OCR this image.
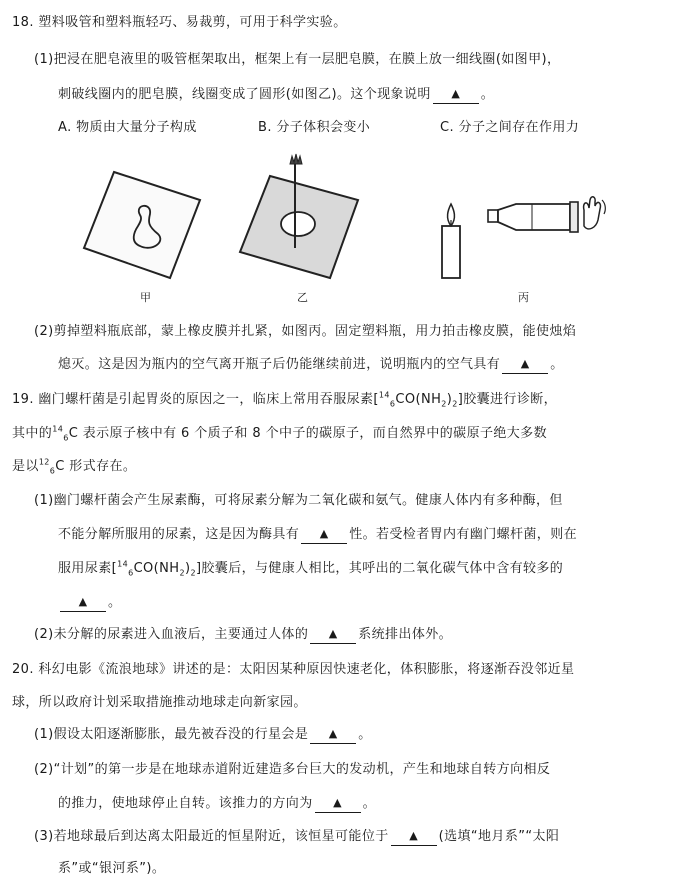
18. 塑料吸管和塑料瓶轻巧、易裁剪，可用于科学实验。
(1)把浸在肥皂液里的吸管框架取出，框架上有一层肥皂膜，在膜上放一细线圈(如图甲)，
刺破线圈内的肥皂膜，线圈变成了圆形(如图乙)。这个现象说明 ▲ 。
A. 物质由大量分子构成	B. 分子体积会变小	C. 分子之间存在作用力
甲	乙	丙
(2)剪掉塑料瓶底部，蒙上橡皮膜并扎紧，如图丙。固定塑料瓶，用力拍击橡皮膜，能使烛焰
熄灭。这是因为瓶内的空气离开瓶子后仍能继续前进，说明瓶内的空气具有 ▲ 。
19. 幽门螺杆菌是引起胃炎的原因之一，临床上常用吞服尿素$[^{14}_6CO(NH_2)_2]$胶囊进行诊断，
其中的$^{14}_6$C 表示原子核中有 6 个质子和 8 个中子的碳原子，而自然界中的碳原子绝大多数
是以$^{12}_6$C 形式存在。
(1)幽门螺杆菌会产生尿素酶，可将尿素分解为二氧化碳和氨气。健康人体内有多种酶，但
不能分解所服用的尿素，这是因为酶具有 ▲ 性。若受检者胃内有幽门螺杆菌，则在
服用尿素$[^{14}_6CO(NH_2)_2]$胶囊后，与健康人相比，其呼出的二氧化碳气体中含有较多的
▲ 。
(2)未分解的尿素进入血液后，主要通过人体的 ▲ 系统排出体外。
20. 科幻电影《流浪地球》讲述的是：太阳因某种原因快速老化，体积膨胀，将逐渐吞没邻近星
球，所以政府计划采取措施推动地球走向新家园。
(1)假设太阳逐渐膨胀，最先被吞没的行星会是 ▲ 。
(2)“计划”的第一步是在地球赤道附近建造多台巨大的发动机，产生和地球自转方向相反
的推力，使地球停止自转。该推力的方向为 ▲ 。
(3)若地球最后到达离太阳最近的恒星附近，该恒星可能位于 ▲ (选填“地月系”“太阳
系”或“银河系”)。
